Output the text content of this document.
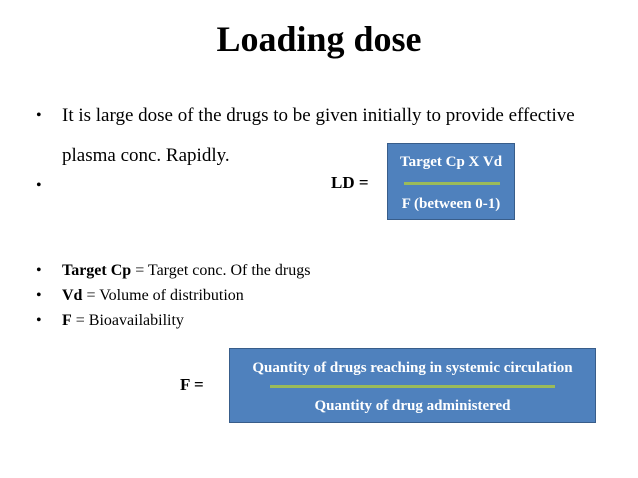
Loading dose
• It is large dose of the drugs to be given initially to provide effective plasma conc. Rapidly.
•	LD =
Target Cp X Vd
F (between 0-1)
• Target Cp = Target conc. Of the drugs
• Vd = Volume of distribution
• F = Bioavailability
F =
Quantity of drugs reaching in systemic circulation
Quantity of drug administered
